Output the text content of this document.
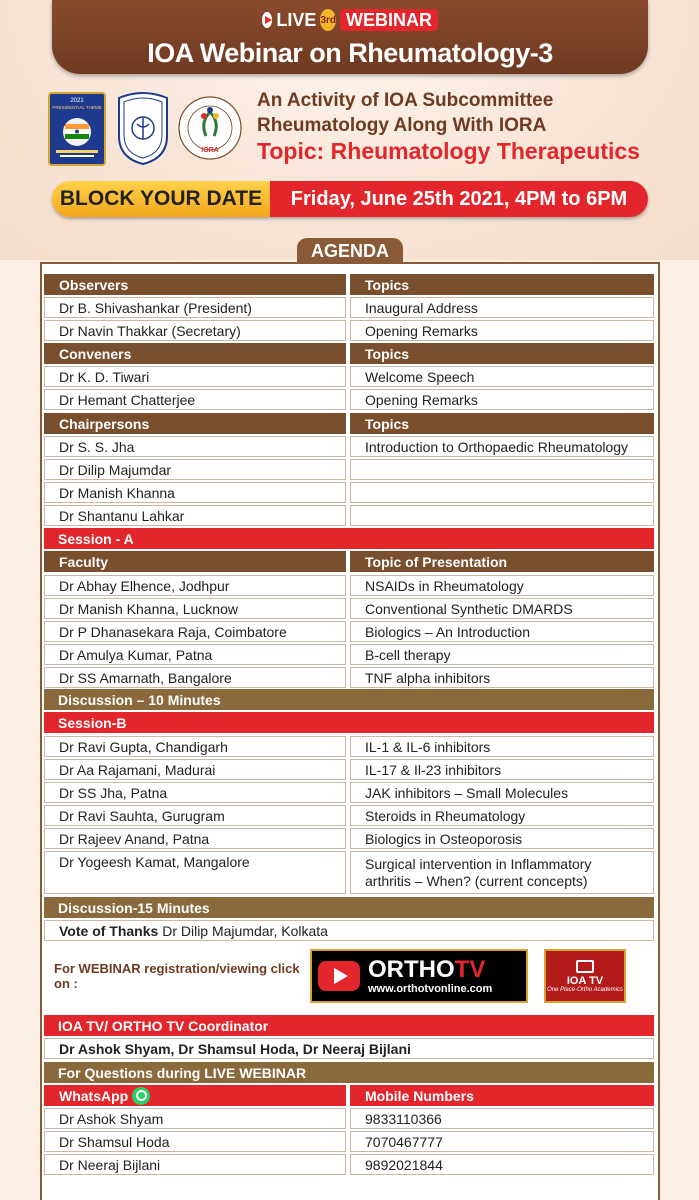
LIVE 3rd WEBINAR
IOA Webinar on Rheumatology-3
2021
PRESIDENTIAL THEME
IORA
An Activity of IOA Subcommittee
Rheumatology Along With IORA
Topic: Rheumatology Therapeutics
BLOCK YOUR DATE	Friday, June 25th 2021, 4PM to 6PM
AGENDA
Observers	Topics
Dr B. Shivashankar (President)	Inaugural Address
Dr Navin Thakkar (Secretary)	Opening Remarks
Conveners	Topics
Dr K. D. Tiwari	Welcome Speech
Dr Hemant Chatterjee	Opening Remarks
Chairpersons	Topics
Dr S. S. Jha	Introduction to Orthopaedic Rheumatology
Dr Dilip Majumdar
Dr Manish Khanna
Dr Shantanu Lahkar
Session - A
Faculty	Topic of Presentation
Dr Abhay Elhence, Jodhpur	NSAIDs in Rheumatology
Dr Manish Khanna, Lucknow	Conventional Synthetic DMARDS
Dr P Dhanasekara Raja, Coimbatore	Biologics – An Introduction
Dr Amulya Kumar, Patna	B-cell therapy
Dr SS Amarnath, Bangalore	TNF alpha inhibitors
Discussion – 10 Minutes
Session-B
Dr Ravi Gupta, Chandigarh	IL-1 & IL-6 inhibitors
Dr Aa Rajamani, Madurai	IL-17 & Il-23 inhibitors
Dr SS Jha, Patna	JAK inhibitors – Small Molecules
Dr Ravi Sauhta, Gurugram	Steroids in Rheumatology
Dr Rajeev Anand, Patna	Biologics in Osteoporosis
Dr Yogeesh Kamat, Mangalore	Surgical intervention in Inflammatory
arthritis – When? (current concepts)
Discussion-15 Minutes
Vote of Thanks
Dr Dilip Majumdar, Kolkata
For WEBINAR registration/viewing click on :
ORTHOTV
www.orthotvonline.com
IOA TV
One Place-Ortho Academics
IOA TV/ ORTHO TV Coordinator
Dr Ashok Shyam, Dr Shamsul Hoda, Dr Neeraj Bijlani
For Questions during LIVE WEBINAR
WhatsApp	Mobile Numbers
Dr Ashok Shyam	9833110366
Dr Shamsul Hoda	7070467777
Dr Neeraj Bijlani	9892021844
